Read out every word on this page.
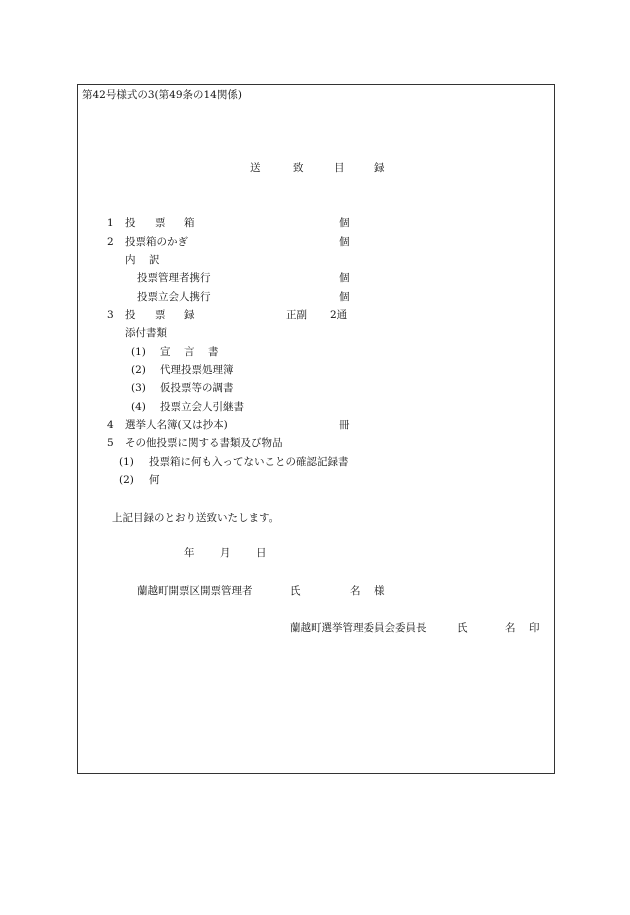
第42号様式の3(第49条の14関係)
送	致	目	録
1 投 票 箱	個
2 投票箱のかぎ	個
内 訳
投票管理者携行	個
投票立会人携行	個
3 投 票 録	正副 2通
添付書類
(1) 宣 言 書
(2) 代理投票処理簿
(3) 仮投票等の調書
(4) 投票立会人引継書
4 選挙人名簿(又は抄本)	冊
5 その他投票に関する書類及び物品
(1) 投票箱に何も入ってないことの確認記録書
(2) 何
上記目録のとおり送致いたします。
年 月 日
蘭越町開票区開票管理者	氏	名 様
蘭越町選挙管理委員会委員長	氏	名 印
